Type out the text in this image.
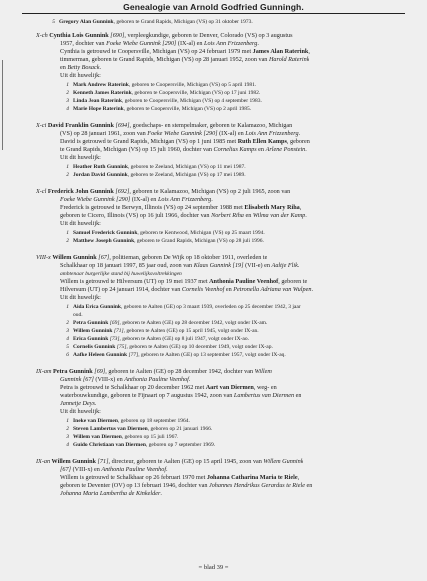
Genealogie van Arnold Godfried Gunningh.
5 Gregory Alan Gunnink, geboren te Grand Rapids, Michigan (VS) op 31 oktober 1973.
X-ch Cynthia Lois Gunnink [690], verpleegkundige, geboren te Denver, Colorado (VS) op 3 augustus
1957, dochter van Foeke Wiebe Gunnink [290] (IX-al) en Lois Ann Frizzenberg.
Cynthia is getrouwd te Coopersville, Michigan (VS) op 24 februari 1979 met James Alan Raterink,
timmerman, geboren te Grand Rapids, Michigan (VS) op 28 januari 1952, zoon van Harold Raterink
en Betty Bosack.
Uit dit huwelijk:
1 Mark Andrew Raterink, geboren te Coopersville, Michigan (VS) op 5 april 1981.
2 Kenneth James Raterink, geboren te Coopersville, Michigan (VS) op 17 juni 1982.
3 Linda Jean Raterink, geboren te Coopersville, Michigan (VS) op 4 september 1983.
4 Marie Hope Raterink, geboren te Coopersville, Michigan (VS) op 2 april 1985.
X-ci David Franklin Gunnink [694], goedschaps- en stempelmaker, geboren te Kalamazoo, Michigan
(VS) op 28 januari 1961, zoon van Foeke Wiebe Gunnink [290] (IX-al) en Lois Ann Frizzenberg.
David is getrouwd te Grand Rapids, Michigan (VS) op 1 juni 1985 met Ruth Ellen Kamps, geboren
te Grand Rapids, Michigan (VS) op 15 juli 1960, dochter van Cornelius Kamps en Arlene Ponstein.
Uit dit huwelijk:
1 Heather Ruth Gunnink, geboren te Zeeland, Michigan (VS) op 11 mei 1987.
2 Jordan David Gunnink, geboren te Zeeland, Michigan (VS) op 17 mei 1989.
X-cl Frederick John Gunnink [692], geboren te Kalamazoo, Michigan (VS) op 2 juli 1965, zoon van
Foeke Wiebe Gunnink [290] (IX-al) en Lois Ann Frizzenberg.
Frederick is getrouwd te Berwyn, Illinois (VS) op 24 september 1988 met Elisabeth Mary Riha,
geboren te Cicero, Illinois (VS) op 16 juli 1966, dochter van Norbert Riha en Wilma van der Kamp.
Uit dit huwelijk:
1 Samuel Frederick Gunnink, geboren te Kentwood, Michigan (VS) op 25 maart 1994.
2 Matthew Joseph Gunnink, geboren te Grand Rapids, Michigan (VS) op 28 juli 1996.
VIII-x Willem Gunnink [67], politieman, geboren De Wijk op 18 oktober 1911, overleden te
Schalkhaar op 18 januari 1997, 85 jaar oud, zoon van Klaas Gunnink [19] (VII-e) en Aaltje Flik.
ambtenaar burgerlijke stand bij huwelijksvoltrekkingen
Willem is getrouwd te Hilversum (UT) op 19 mei 1937 met Anthonia Pauline Veenhof, geboren te
Hilversum (UT) op 24 januari 1914, dochter van Cornelis Veenhof en Petronella Adriana van Wulpen.
Uit dit huwelijk:
1 Aida Erica Gunnink, geboren te Aalten (GE) op 3 maart 1939, overleden op 25 december 1942, 3 jaar
oud.
2 Petra Gunnink [69], geboren te Aalten (GE) op 28 december 1942, volgt onder IX-am.
3 Willem Gunnink [71], geboren te Aalten (GE) op 15 april 1945, volgt onder IX-an.
4 Erica Gunnink [73], geboren te Aalten (GE) op 8 juli 1947, volgt onder IX-ao.
5 Cornelis Gunnink [75], geboren te Aalten (GE) op 10 december 1949, volgt onder IX-ap.
6 Aafke Heleen Gunnink [77], geboren te Aalten (GE) op 13 september 1957, volgt onder IX-aq.
IX-am Petra Gunnink [69], geboren te Aalten (GE) op 28 december 1942, dochter van Willem
Gunnink [67] (VIII-x) en Anthonia Pauline Veenhof.
Petra is getrouwd te Schalkhaar op 20 december 1962 met Aart van Diermen, weg- en
waterbouwkundige, geboren te Fijnaart op 7 augustus 1942, zoon van Lambertus van Diermen en
Jannetje Deys.
Uit dit huwelijk:
1 Ineke van Diermen, geboren op 18 september 1964.
2 Steven Lambertus van Diermen, geboren op 21 januari 1966.
3 Willem van Diermen, geboren op 15 juli 1967.
4 Guido Christiaan van Diermen, geboren op 7 september 1969.
IX-an Willem Gunnink [71], directeur, geboren te Aalten (GE) op 15 april 1945, zoon van Willem Gunnink
[67] (VIII-x) en Anthonia Pauline Veenhof.
Willem is getrouwd te Schalkhaar op 26 februari 1970 met Johanna Catharina Maria te Riele,
geboren te Deventer (OV) op 13 februari 1946, dochter van Johannes Hendrikus Gerardus te Riele en
Johanna Maria Lambertha de Kinkelder.
= blad 39 =
